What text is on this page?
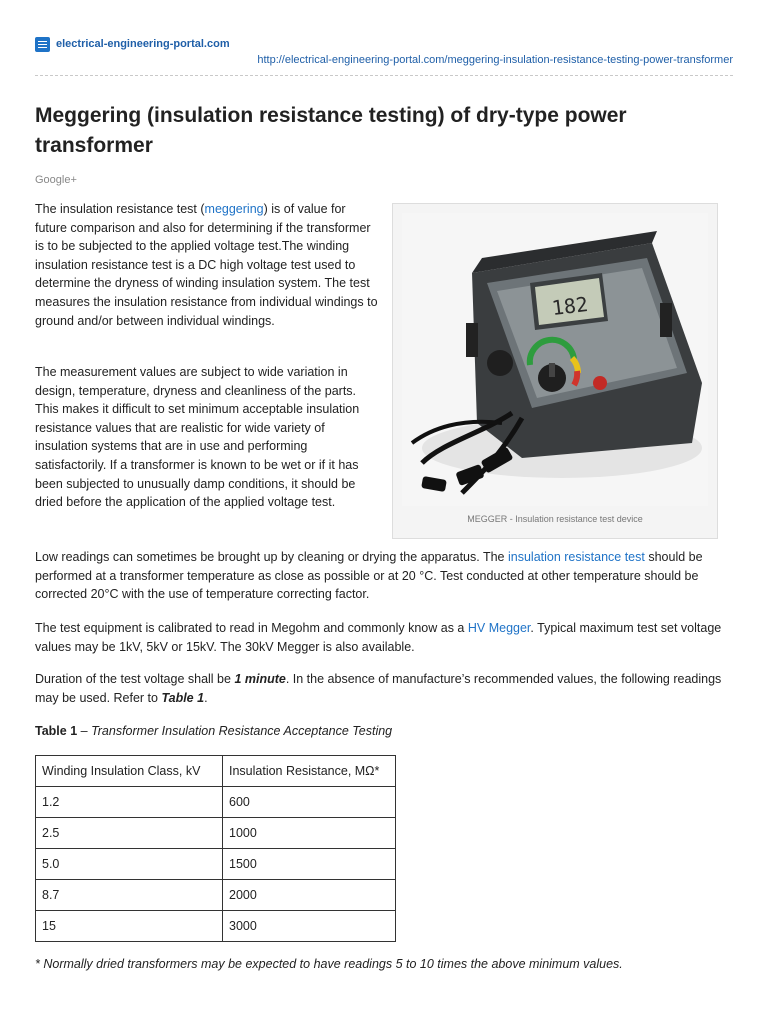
electrical-engineering-portal.com
http://electrical-engineering-portal.com/meggering-insulation-resistance-testing-power-transformer
Meggering (insulation resistance testing) of dry-type power transformer
Google+

The insulation resistance test (meggering) is of value for future comparison and also for determining if the transformer is to be subjected to the applied voltage test.The winding insulation resistance test is a DC high voltage test used to determine the dryness of winding insulation system. The test measures the insulation resistance from individual windings to ground and/or between individual windings.

The measurement values are subject to wide variation in design, temperature, dryness and cleanliness of the parts. This makes it difficult to set minimum acceptable insulation resistance values that are realistic for wide variety of insulation systems that are in use and performing satisfactorily. If a transformer is known to be wet or if it has been subjected to unusually damp conditions, it should be dried before the application of the applied voltage test.

182
MEGGER - Insulation resistance test device

Low readings can sometimes be brought up by cleaning or drying the apparatus. The insulation resistance test should be performed at a transformer temperature as close as possible or at 20 °C. Test conducted at other temperature should be corrected 20°C with the use of temperature correcting factor.

The test equipment is calibrated to read in Megohm and commonly know as a HV Megger. Typical maximum test set voltage values may be 1kV, 5kV or 15kV. The 30kV Megger is also available.

Duration of the test voltage shall be 1 minute. In the absence of manufacture’s recommended values, the following readings may be used. Refer to Table 1.

Table 1 – Transformer Insulation Resistance Acceptance Testing

Winding Insulation Class, kV	Insulation Resistance, MΩ*
1.2	600
2.5	1000
5.0	1500
8.7	2000
15	3000

* Normally dried transformers may be expected to have readings 5 to 10 times the above minimum values.
